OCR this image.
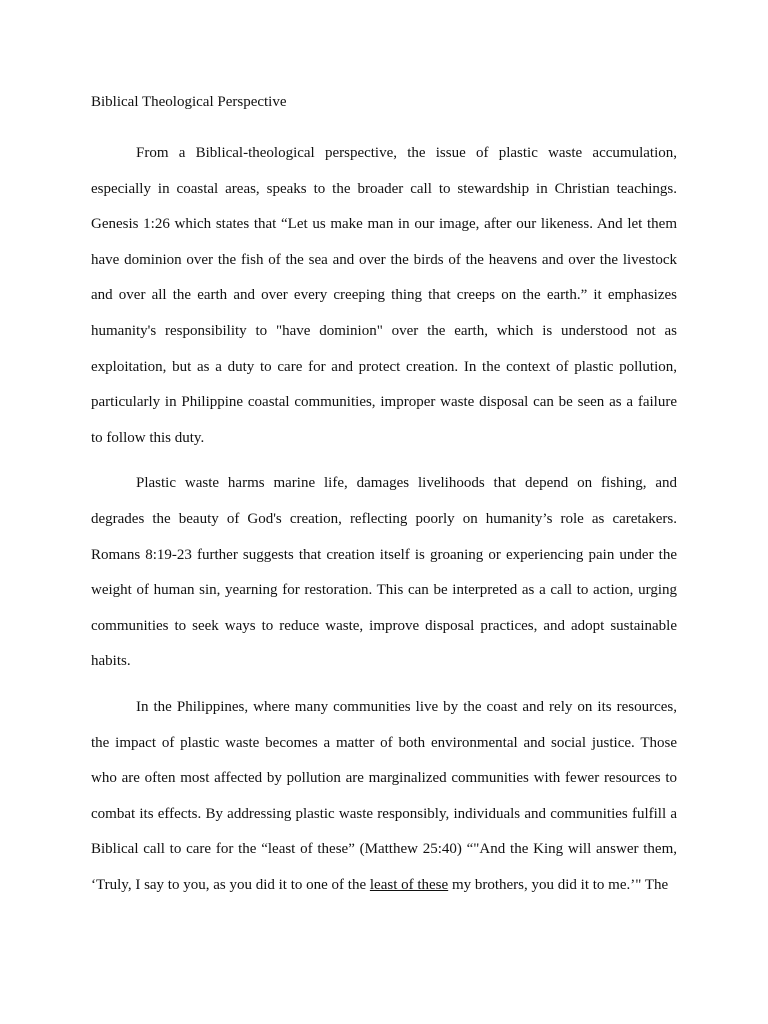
Biblical Theological Perspective

From a Biblical-theological perspective, the issue of plastic waste accumulation, especially in coastal areas, speaks to the broader call to stewardship in Christian teachings. Genesis 1:26 which states that “Let us make man in our image, after our likeness. And let them have dominion over the fish of the sea and over the birds of the heavens and over the livestock and over all the earth and over every creeping thing that creeps on the earth.” it emphasizes humanity's responsibility to "have dominion" over the earth, which is understood not as exploitation, but as a duty to care for and protect creation. In the context of plastic pollution, particularly in Philippine coastal communities, improper waste disposal can be seen as a failure to follow this duty.

Plastic waste harms marine life, damages livelihoods that depend on fishing, and degrades the beauty of God's creation, reflecting poorly on humanity’s role as caretakers. Romans 8:19-23 further suggests that creation itself is groaning or experiencing pain under the weight of human sin, yearning for restoration. This can be interpreted as a call to action, urging communities to seek ways to reduce waste, improve disposal practices, and adopt sustainable habits.

In the Philippines, where many communities live by the coast and rely on its resources, the impact of plastic waste becomes a matter of both environmental and social justice. Those who are often most affected by pollution are marginalized communities with fewer resources to combat its effects. By addressing plastic waste responsibly, individuals and communities fulfill a Biblical call to care for the “least of these” (Matthew 25:40) “"And the King will answer them, ‘Truly, I say to you, as you did it to one of the least of these my brothers, you did it to me.’" The
